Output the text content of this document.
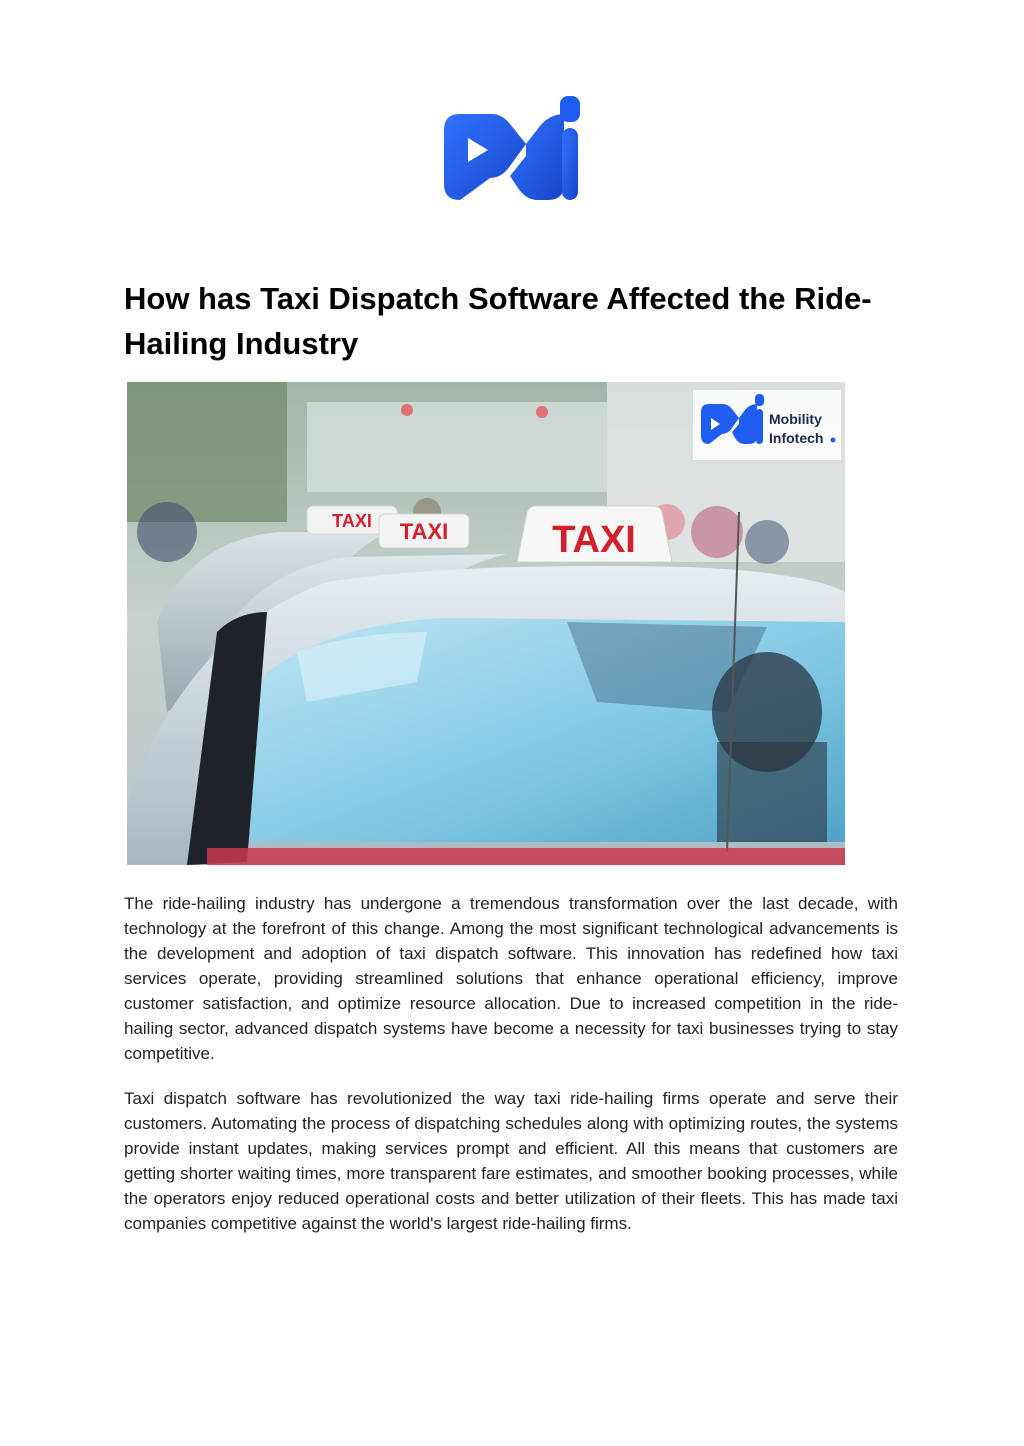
How has Taxi Dispatch Software Affected the Ride-Hailing Industry
TAXI TAXI	TAXI
Mobility
Infotech

The ride-hailing industry has undergone a tremendous transformation over the last decade, with technology at the forefront of this change. Among the most significant technological advancements is the development and adoption of taxi dispatch software. This innovation has redefined how taxi services operate, providing streamlined solutions that enhance operational efficiency, improve customer satisfaction, and optimize resource allocation. Due to increased competition in the ride-hailing sector, advanced dispatch systems have become a necessity for taxi businesses trying to stay competitive.

Taxi dispatch software has revolutionized the way taxi ride-hailing firms operate and serve their customers. Automating the process of dispatching schedules along with optimizing routes, the systems provide instant updates, making services prompt and efficient. All this means that customers are getting shorter waiting times, more transparent fare estimates, and smoother booking processes, while the operators enjoy reduced operational costs and better utilization of their fleets. This has made taxi companies competitive against the world's largest ride-hailing firms.
